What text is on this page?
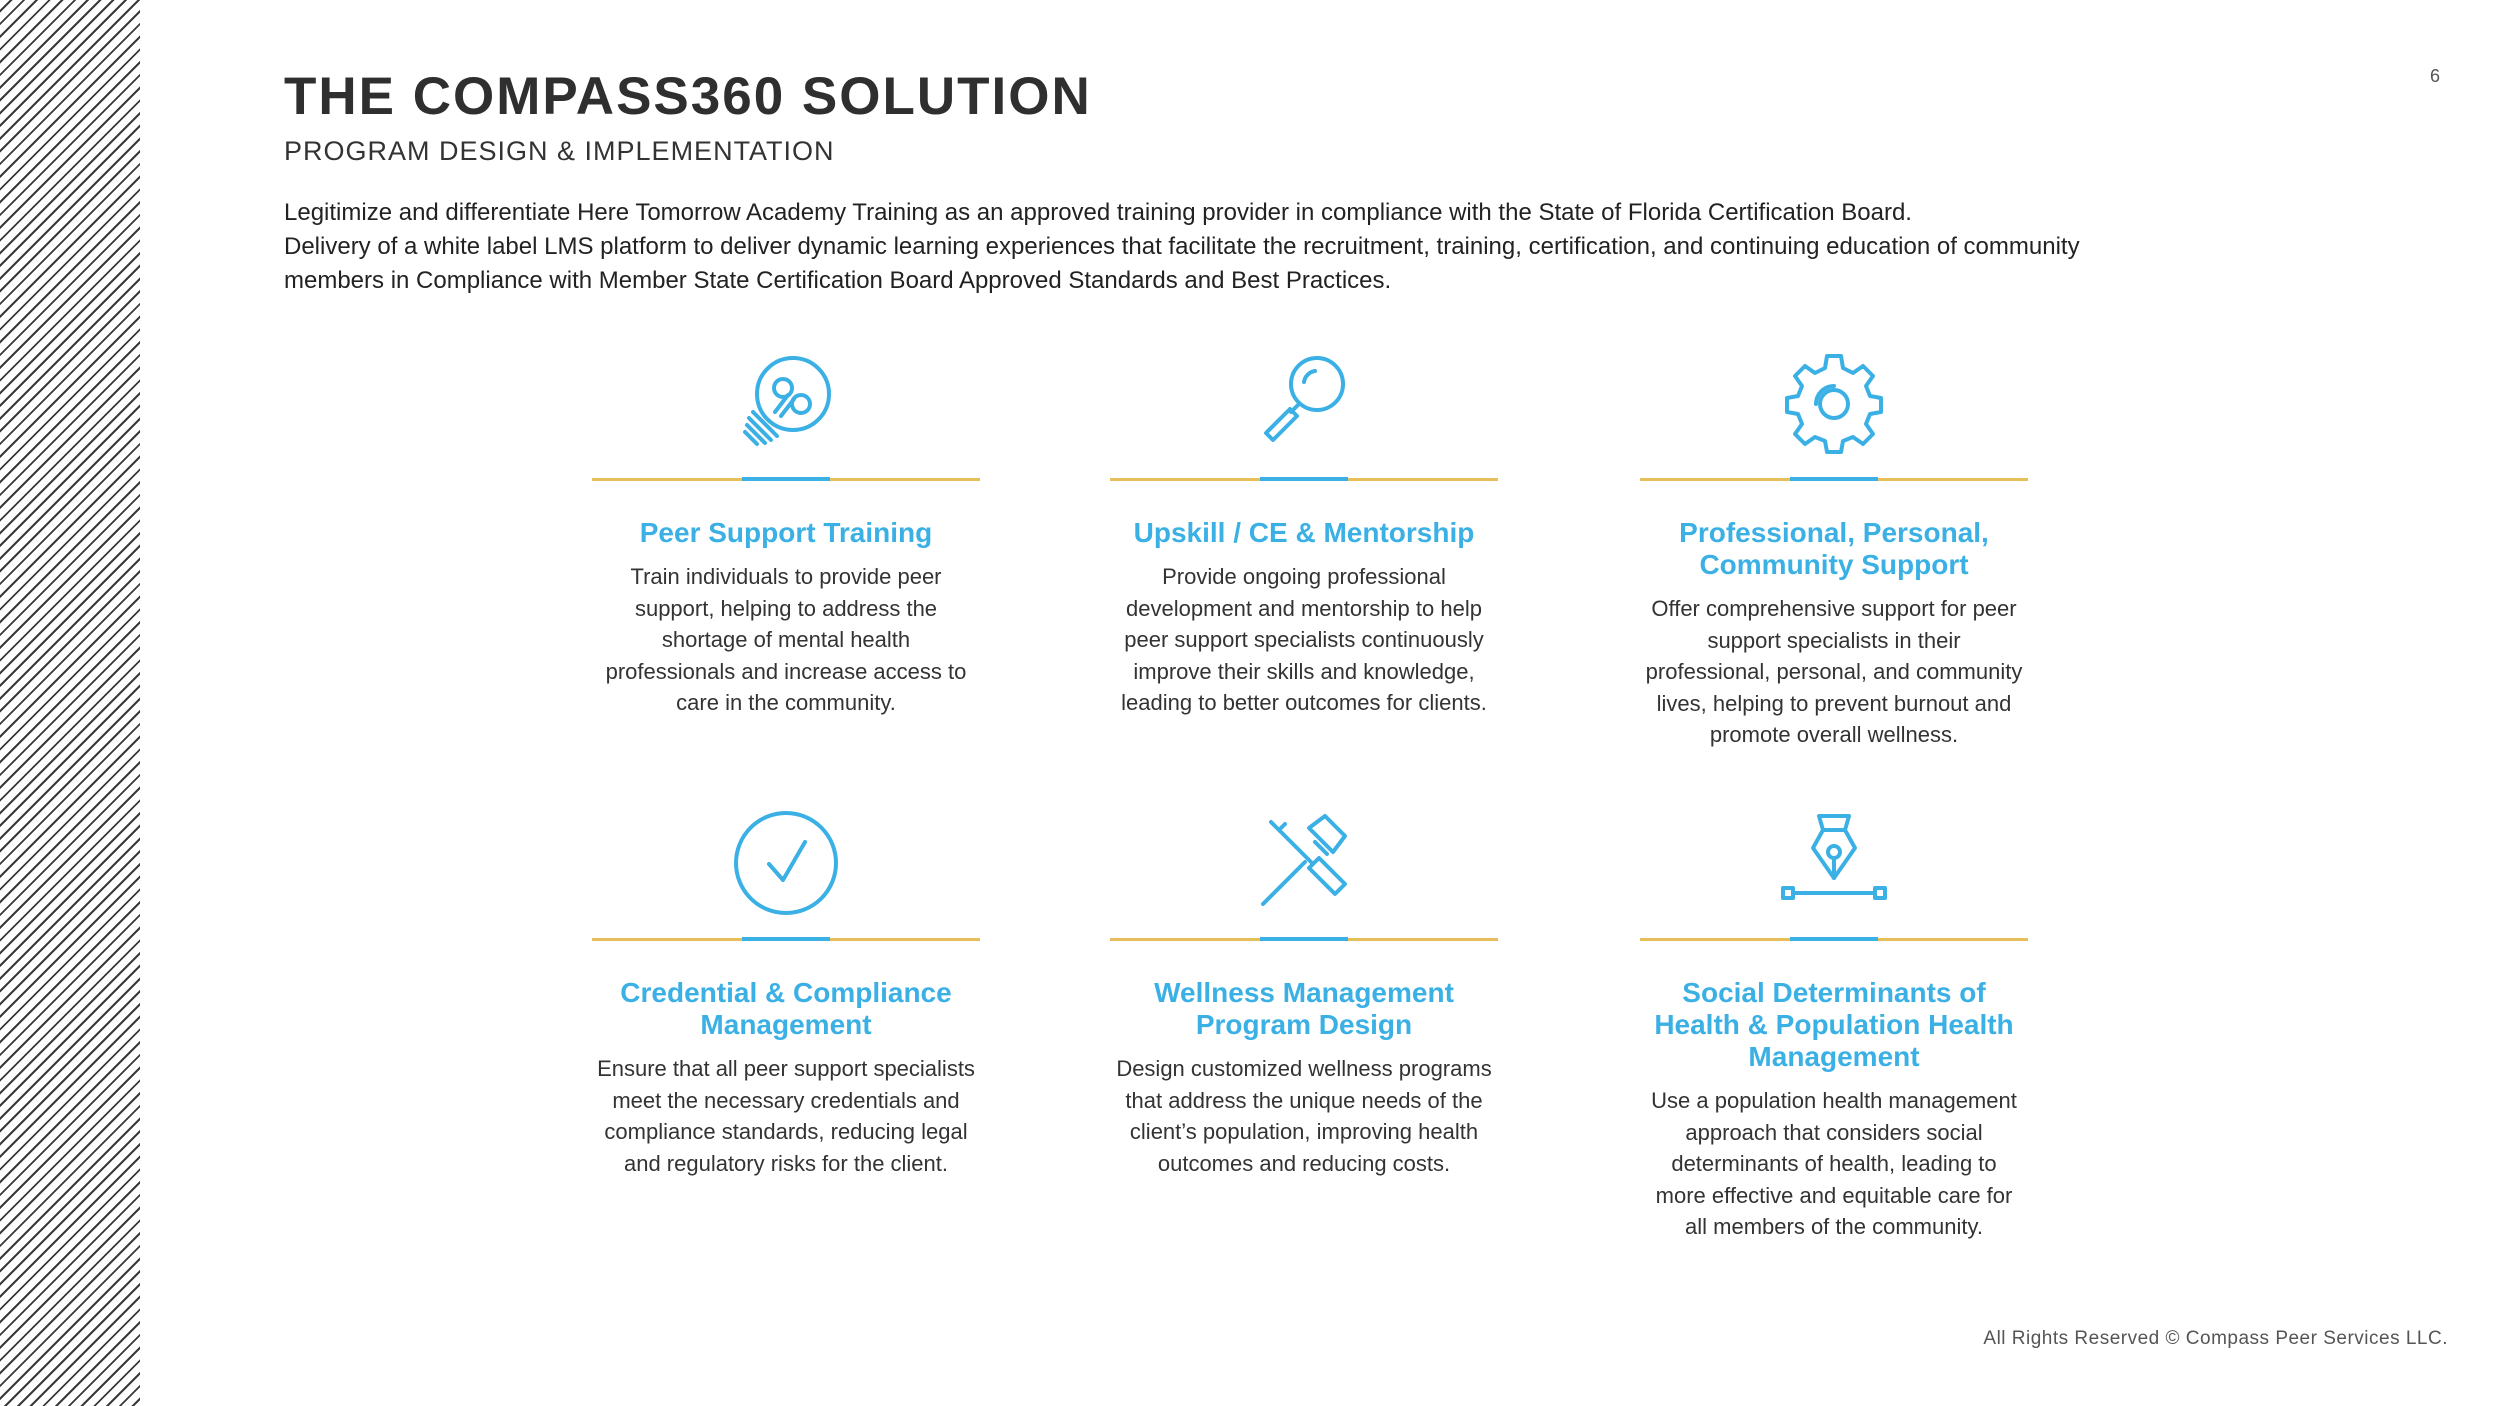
6
THE COMPASS360 SOLUTION
PROGRAM DESIGN & IMPLEMENTATION

Legitimize and differentiate Here Tomorrow Academy Training as an approved training provider in compliance with the State of Florida Certification Board.

Delivery of a white label LMS platform to deliver dynamic learning experiences that facilitate the recruitment, training, certification, and continuing education of community members in Compliance with Member State Certification Board Approved Standards and Best Practices.

Peer Support Training
Train individuals to provide peer support, helping to address the shortage of mental health professionals and increase access to care in the community.
Upskill / CE & Mentorship
Provide ongoing professional development and mentorship to help peer support specialists continuously improve their skills and knowledge, leading to better outcomes for clients.
Professional, Personal, Community Support
Offer comprehensive support for peer support specialists in their professional, personal, and community lives, helping to prevent burnout and promote overall wellness.
Credential & Compliance Management
Ensure that all peer support specialists meet the necessary credentials and compliance standards, reducing legal and regulatory risks for the client.
Wellness Management Program Design
Design customized wellness programs that address the unique needs of the client’s population, improving health outcomes and reducing costs.
Social Determinants of Health & Population Health Management
Use a population health management approach that considers social determinants of health, leading to more effective and equitable care for all members of the community.
All Rights Reserved © Compass Peer Services LLC.
